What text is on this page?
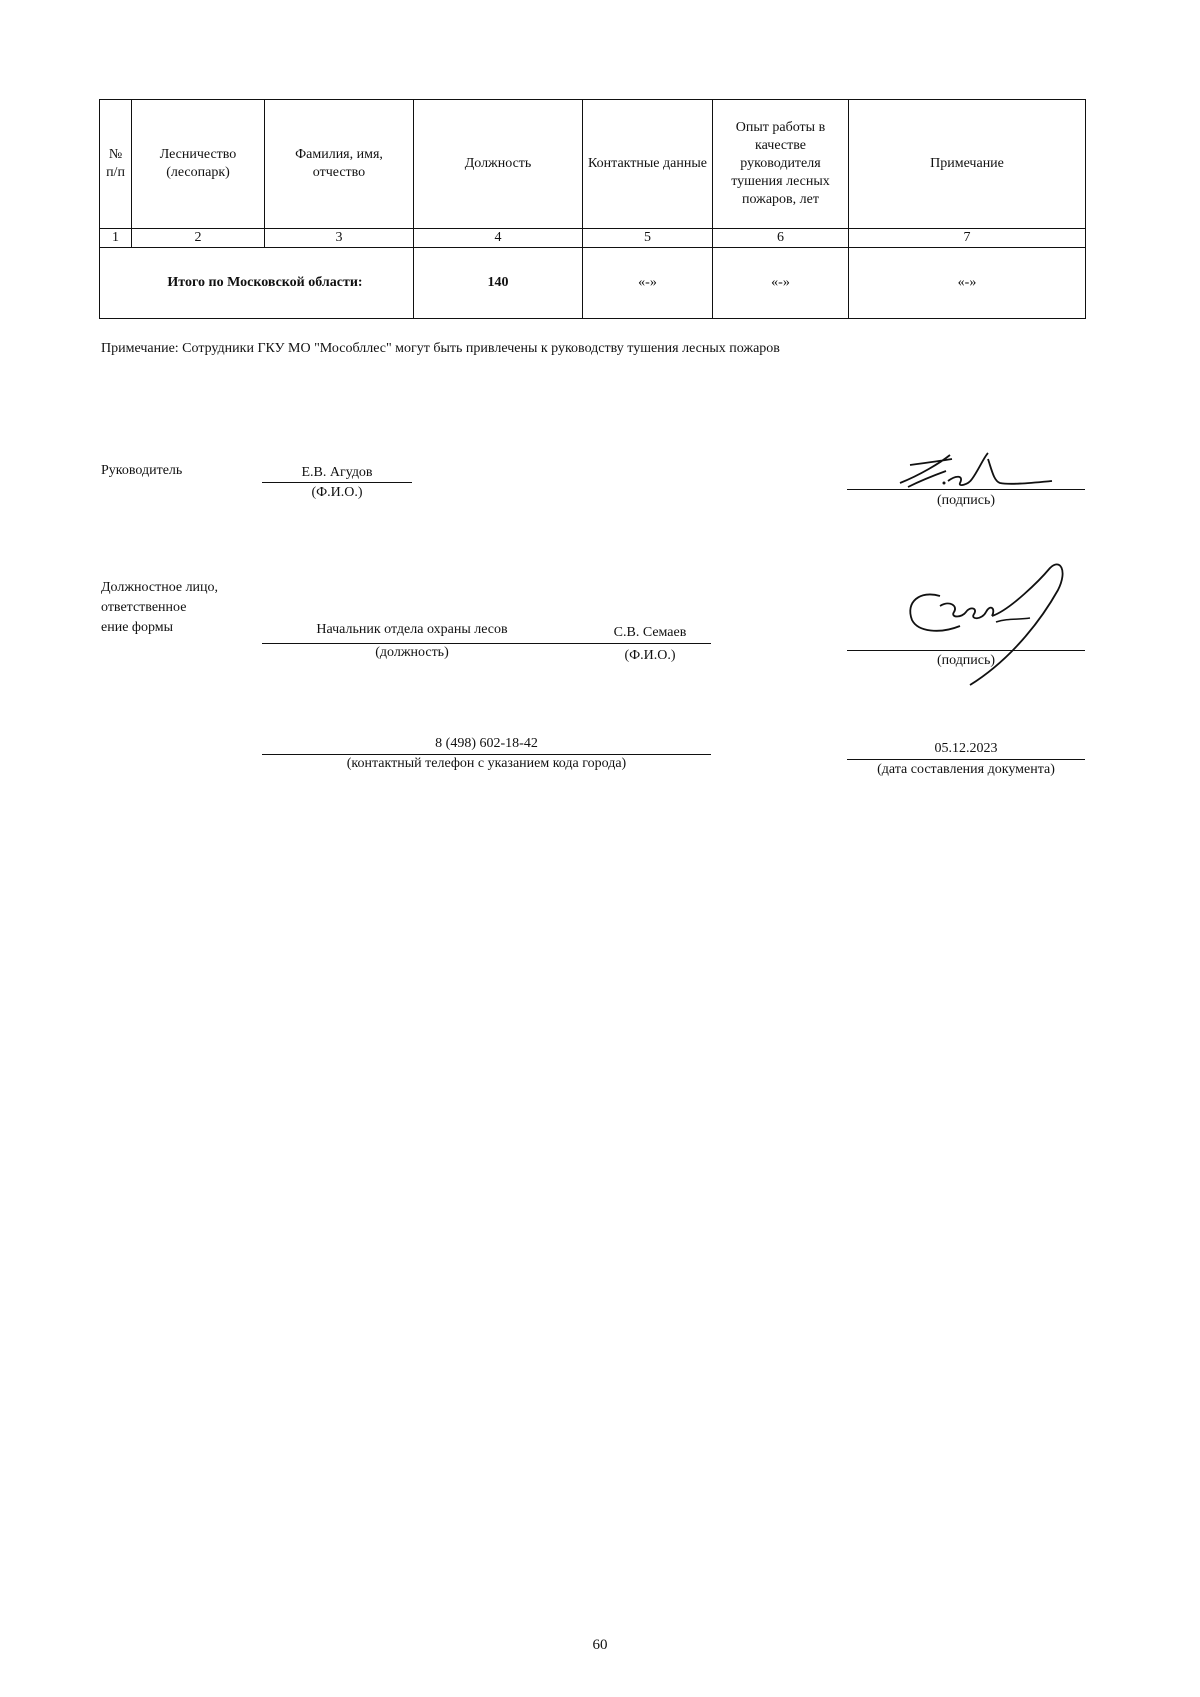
№ п/п	Лесничество (лесопарк)	Фамилия, имя, отчество	Должность	Контактные данные	Опыт работы в качестве руководителя тушения лесных пожаров, лет	Примечание
1	2	3	4	5	6	7
Итого по Московской области:			140	«-»	«-»	«-»
Примечание: Сотрудники ГКУ МО "Мособллес" могут быть привлечены к руководству тушения лесных пожаров
Руководитель	Е.В. Агудов
(Ф.И.О.)
(подпись)
Должностное лицо,
ответственное
ение формы	Начальник отдела охраны лесов	С.В. Семаев
(должность)	(Ф.И.О.)	(подпись)
8 (498) 602-18-42
(контактный телефон с указанием кода города)
05.12.2023
(дата составления документа)
60
